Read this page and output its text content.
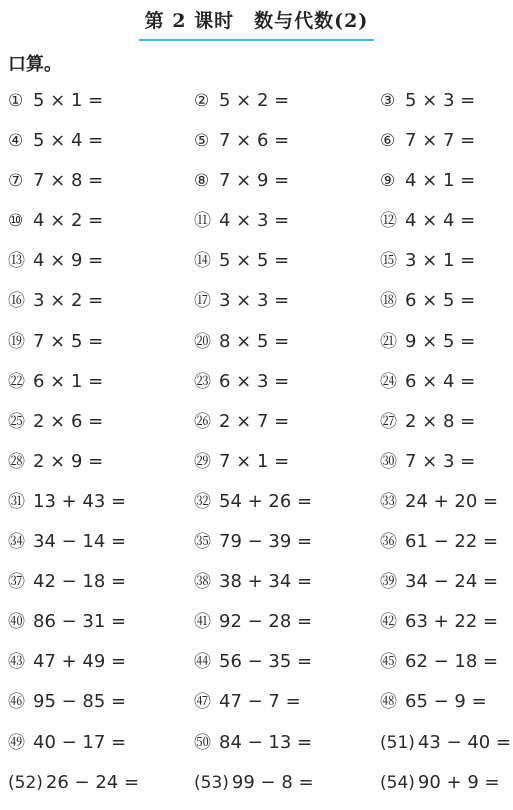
第 2 课时　数与代数(2)
口算。
① 5 × 1 =	② 5 × 2 =	③ 5 × 3 =
④ 5 × 4 =	⑤ 7 × 6 =	⑥ 7 × 7 =
⑦ 7 × 8 =	⑧ 7 × 9 =	⑨ 4 × 1 =
⑩ 4 × 2 =	⑪ 4 × 3 =	⑫ 4 × 4 =
⑬ 4 × 9 =	⑭ 5 × 5 =	⑮ 3 × 1 =
⑯ 3 × 2 =	⑰ 3 × 3 =	⑱ 6 × 5 =
⑲ 7 × 5 =	⑳ 8 × 5 =	㉑ 9 × 5 =
㉒ 6 × 1 =	㉓ 6 × 3 =	㉔ 6 × 4 =
㉕ 2 × 6 =	㉖ 2 × 7 =	㉗ 2 × 8 =
㉘ 2 × 9 =	㉙ 7 × 1 =	㉚ 7 × 3 =
㉛ 13 + 43 =	㉜ 54 + 26 =	㉝ 24 + 20 =
㉞ 34 − 14 =	㉟ 79 − 39 =	㊱ 61 − 22 =
㊲ 42 − 18 =	㊳ 38 + 34 =	㊴ 34 − 24 =
㊵ 86 − 31 =	㊶ 92 − 28 =	㊷ 63 + 22 =
㊸ 47 + 49 =	㊹ 56 − 35 =	㊺ 62 − 18 =
㊻ 95 − 85 =	㊼ 47 − 7 =	㊽ 65 − 9 =
㊾ 40 − 17 =	㊿ 84 − 13 =	(51) 43 − 40 =
(52) 26 − 24 =	(53) 99 − 8 =	(54) 90 + 9 =
